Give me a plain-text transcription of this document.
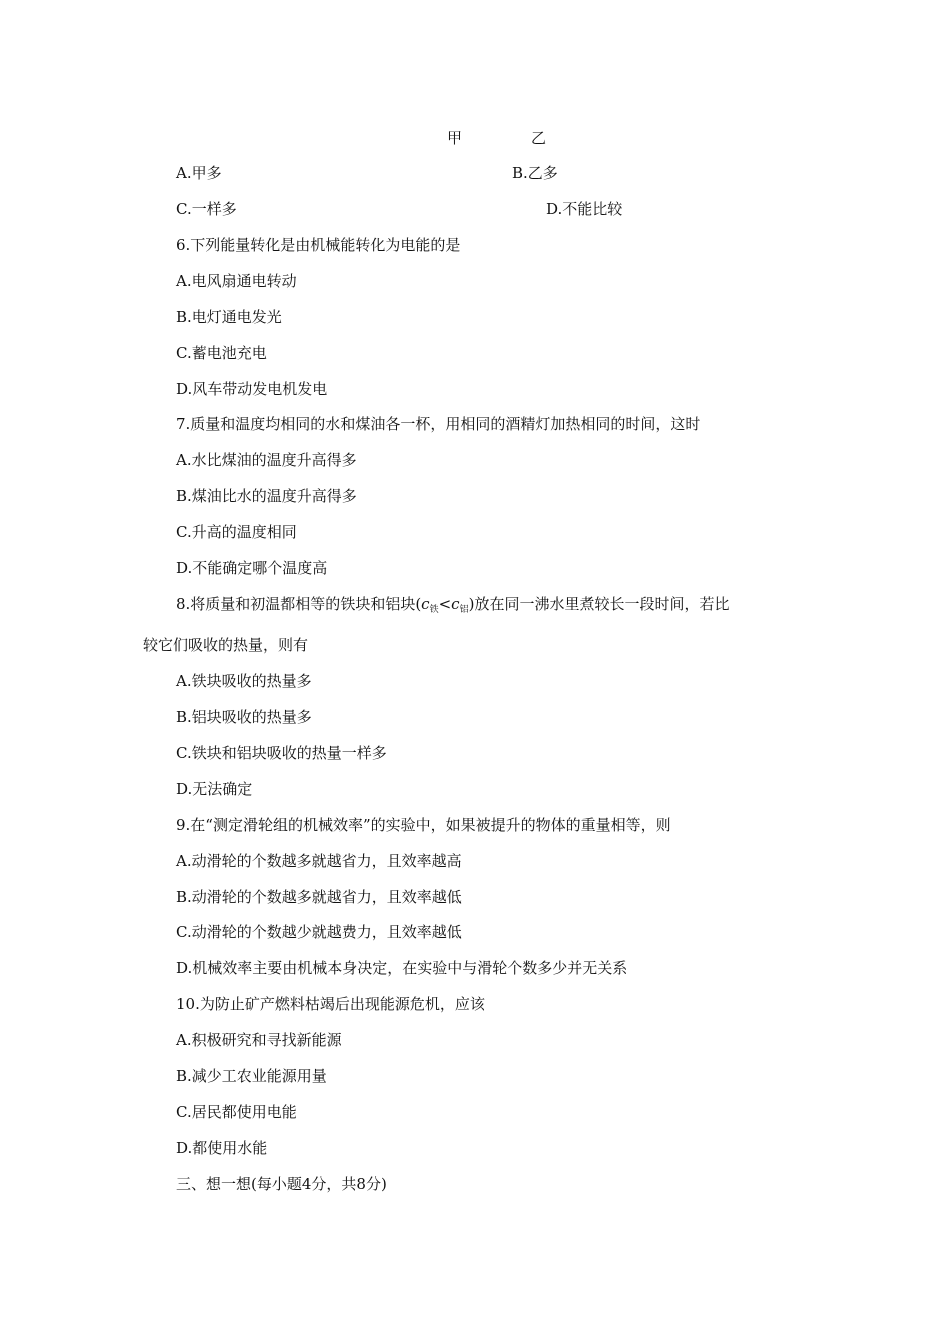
甲	乙
A.甲多	B.乙多
C.一样多	D.不能比较
6.下列能量转化是由机械能转化为电能的是
A.电风扇通电转动
B.电灯通电发光
C.蓄电池充电
D.风车带动发电机发电
7.质量和温度均相同的水和煤油各一杯，用相同的酒精灯加热相同的时间，这时
A.水比煤油的温度升高得多
B.煤油比水的温度升高得多
C.升高的温度相同
D.不能确定哪个温度高
8.将质量和初温都相等的铁块和铝块$(c_铁<c_铝)$放在同一沸水里煮较长一段时间，若比
较它们吸收的热量，则有
A.铁块吸收的热量多
B.铝块吸收的热量多
C.铁块和铝块吸收的热量一样多
D.无法确定
9.在“测定滑轮组的机械效率”的实验中，如果被提升的物体的重量相等，则
A.动滑轮的个数越多就越省力，且效率越高
B.动滑轮的个数越多就越省力，且效率越低
C.动滑轮的个数越少就越费力，且效率越低
D.机械效率主要由机械本身决定，在实验中与滑轮个数多少并无关系
10.为防止矿产燃料枯竭后出现能源危机，应该
A.积极研究和寻找新能源
B.减少工农业能源用量
C.居民都使用电能
D.都使用水能
三、想一想(每小题4分，共8分)
